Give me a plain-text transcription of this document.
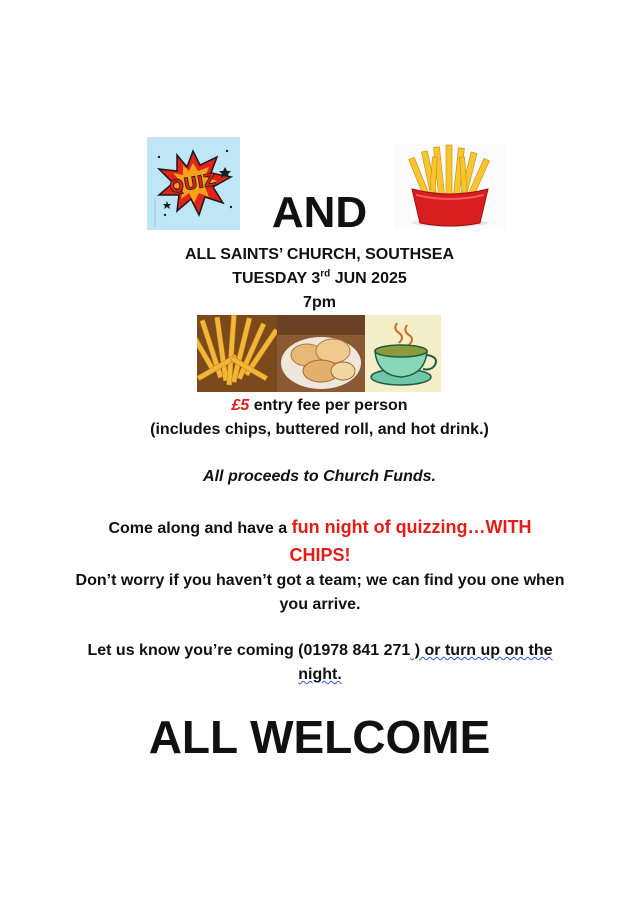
QUIZ
AND
ALL SAINTS’ CHURCH, SOUTHSEA
TUESDAY 3rd JUN 2025
7pm
£5 entry fee per person
(includes chips, buttered roll, and hot drink.)
All proceeds to Church Funds.
Come along and have a fun night of quizzing…WITH CHIPS!
Don’t worry if you haven’t got a team; we can find you one when you arrive.
Let us know you’re coming (01978 841 271 ) or turn up on the night.
ALL WELCOME
